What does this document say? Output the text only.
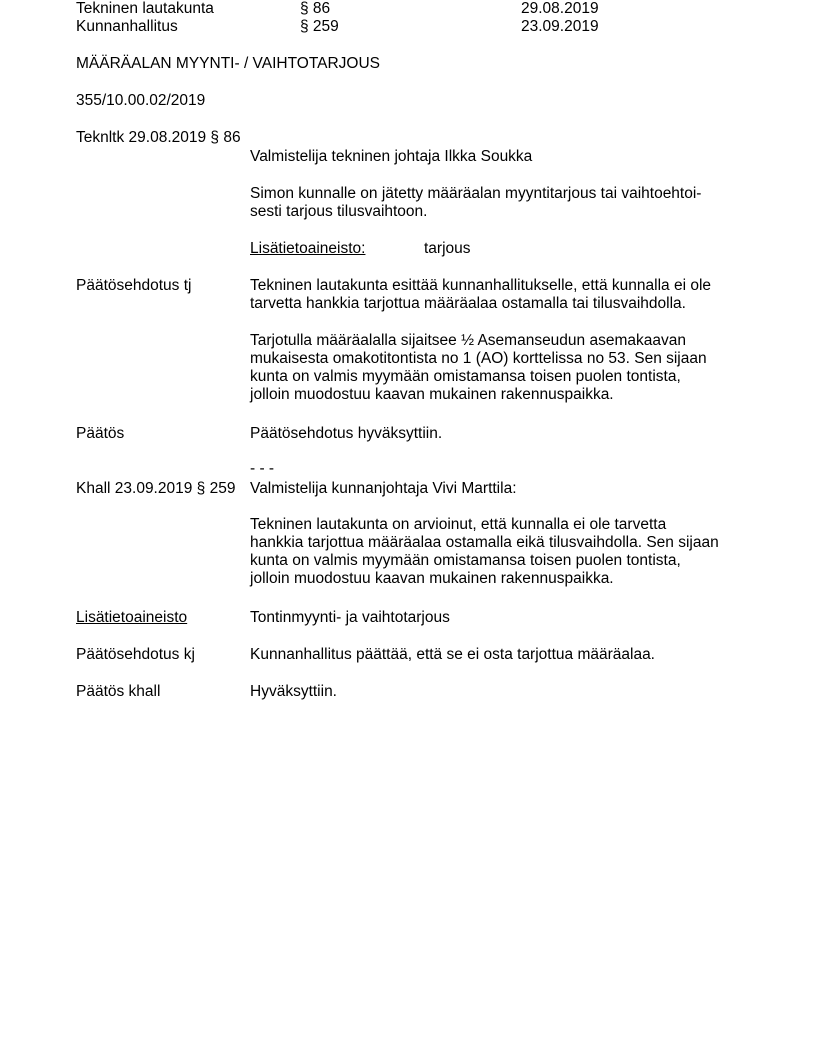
Tekninen lautakunta	§ 86	29.08.2019
Kunnanhallitus	§ 259	23.09.2019
MÄÄRÄALAN MYYNTI- / VAIHTOTARJOUS
355/10.00.02/2019
Teknltk 29.08.2019 § 86
Valmistelija tekninen johtaja Ilkka Soukka
Simon kunnalle on jätetty määräalan myyntitarjous tai vaihtoehtoi-
sesti tarjous tilusvaihtoon.
Lisätietoaineisto:	tarjous
Päätösehdotus tj	Tekninen lautakunta esittää kunnanhallitukselle, että kunnalla ei ole
tarvetta hankkia tarjottua määräalaa ostamalla tai tilusvaihdolla.
Tarjotulla määräalalla sijaitsee ½ Asemanseudun asemakaavan
mukaisesta omakotitontista no 1 (AO) korttelissa no 53. Sen sijaan
kunta on valmis myymään omistamansa toisen puolen tontista,
jolloin muodostuu kaavan mukainen rakennuspaikka.
Päätös	Päätösehdotus hyväksyttiin.
- - -
Khall 23.09.2019 § 259 Valmistelija kunnanjohtaja Vivi Marttila:
Tekninen lautakunta on arvioinut, että kunnalla ei ole tarvetta
hankkia tarjottua määräalaa ostamalla eikä tilusvaihdolla. Sen sijaan
kunta on valmis myymään omistamansa toisen puolen tontista,
jolloin muodostuu kaavan mukainen rakennuspaikka.
Lisätietoaineisto	Tontinmyynti- ja vaihtotarjous
Päätösehdotus kj	Kunnanhallitus päättää, että se ei osta tarjottua määräalaa.
Päätös khall	Hyväksyttiin.
